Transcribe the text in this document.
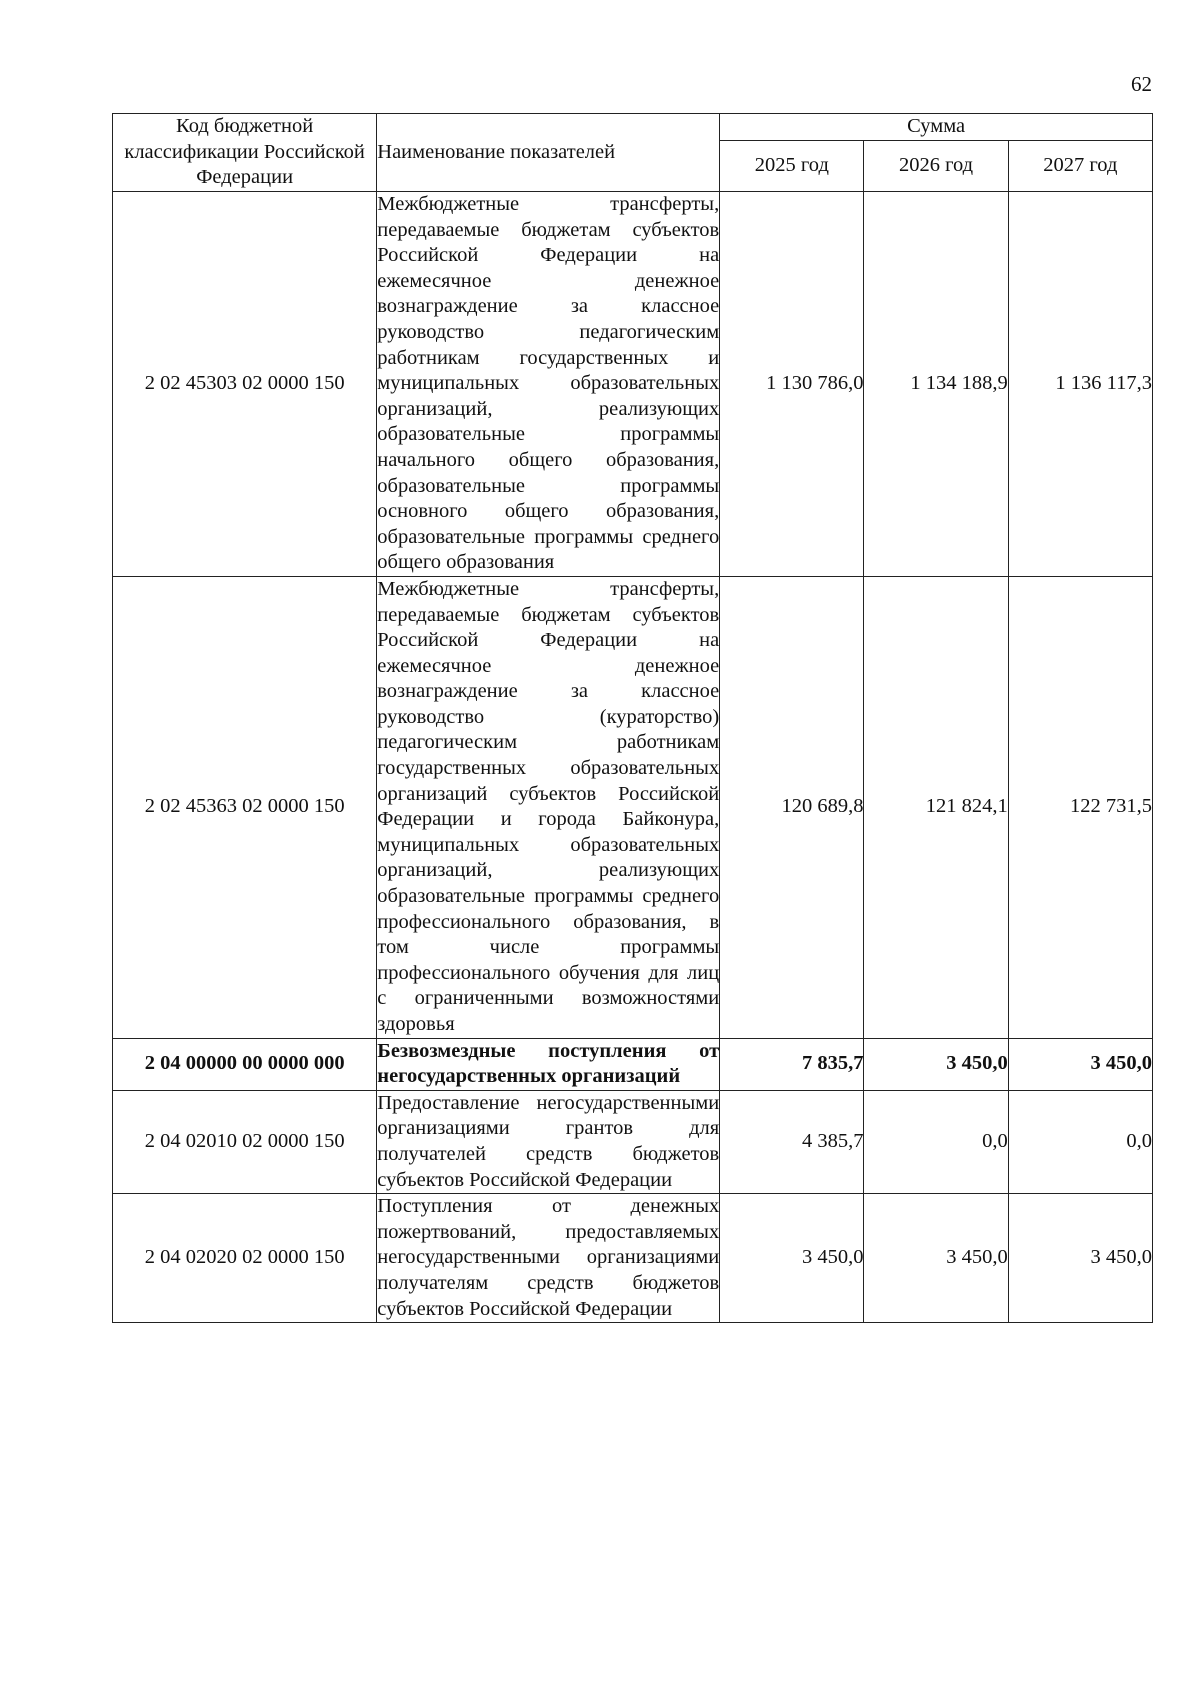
62
Код бюджетной классификации Российской Федерации	Наименование показателей	Сумма		
		2025 год	2026 год	2027 год
2 02 45303 02 0000 150	Межбюджетные трансферты, передаваемые бюджетам субъектов Российской Федерации на ежемесячное денежное вознаграждение за классное руководство педагогическим работникам государственных и муниципальных образовательных организаций, реализующих образовательные программы начального общего образования, образовательные программы основного общего образования, образовательные программы среднего общего образования	1 130 786,0	1 134 188,9	1 136 117,3
2 02 45363 02 0000 150	Межбюджетные трансферты, передаваемые бюджетам субъектов Российской Федерации на ежемесячное денежное вознаграждение за классное руководство (кураторство) педагогическим работникам государственных образовательных организаций субъектов Российской Федерации и города Байконура, муниципальных образовательных организаций, реализующих образовательные программы среднего профессионального образования, в том числе программы профессионального обучения для лиц с ограниченными возможностями здоровья	120 689,8	121 824,1	122 731,5
2 04 00000 00 0000 000	Безвозмездные поступления от негосударственных организаций	7 835,7	3 450,0	3 450,0
2 04 02010 02 0000 150	Предоставление негосударственными организациями грантов для получателей средств бюджетов субъектов Российской Федерации	4 385,7	0,0	0,0
2 04 02020 02 0000 150	Поступления от денежных пожертвований, предоставляемых негосударственными организациями получателям средств бюджетов субъектов Российской Федерации	3 450,0	3 450,0	3 450,0
